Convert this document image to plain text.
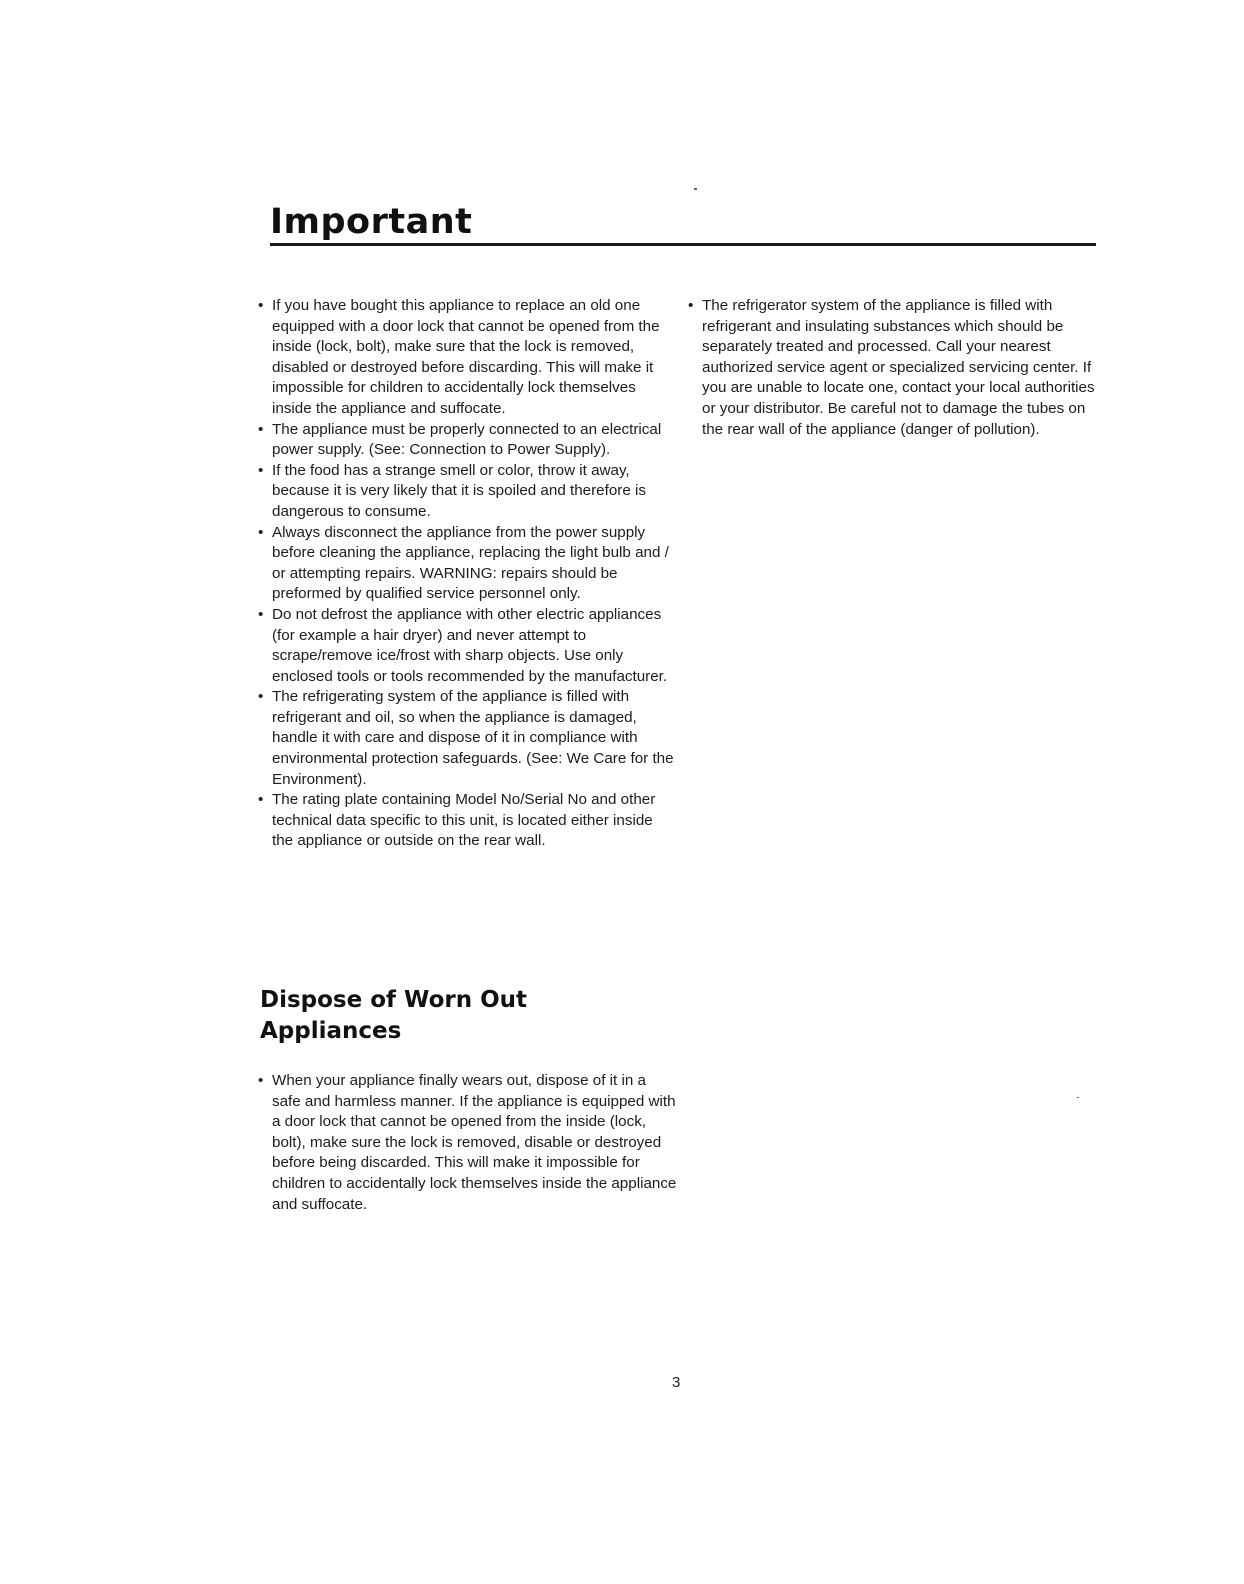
Important
• If you have bought this appliance to replace an old one equipped with a door lock that cannot be opened from the inside (lock, bolt), make sure that the lock is removed, disabled or destroyed before discarding. This will make it impossible for children to accidentally lock themselves inside the appliance and suffocate.
• The appliance must be properly connected to an electrical power supply. (See: Connection to Power Supply).
• If the food has a strange smell or color, throw it away, because it is very likely that it is spoiled and therefore is dangerous to consume.
• Always disconnect the appliance from the power supply before cleaning the appliance, replacing the light bulb and / or attempting repairs. WARNING: repairs should be preformed by qualified service personnel only.
• Do not defrost the appliance with other electric appliances (for example a hair dryer) and never attempt to scrape/remove ice/frost with sharp objects. Use only enclosed tools or tools recommended by the manufacturer.
• The refrigerating system of the appliance is filled with refrigerant and oil, so when the appliance is damaged, handle it with care and dispose of it in compliance with environmental protection safeguards. (See: We Care for the Environment).
• The rating plate containing Model No/Serial No and other technical data specific to this unit, is located either inside the appliance or outside on the rear wall.
• The refrigerator system of the appliance is filled with refrigerant and insulating substances which should be separately treated and processed. Call your nearest authorized service agent or specialized servicing center. If you are unable to locate one, contact your local authorities or your distributor. Be careful not to damage the tubes on the rear wall of the appliance (danger of pollution).
Dispose of Worn Out
Appliances
• When your appliance finally wears out, dispose of it in a safe and harmless manner. If the appliance is equipped with a door lock that cannot be opened from the inside (lock, bolt), make sure the lock is removed, disable or destroyed before being discarded. This will make it impossible for children to accidentally lock themselves inside the appliance and suffocate.
3
